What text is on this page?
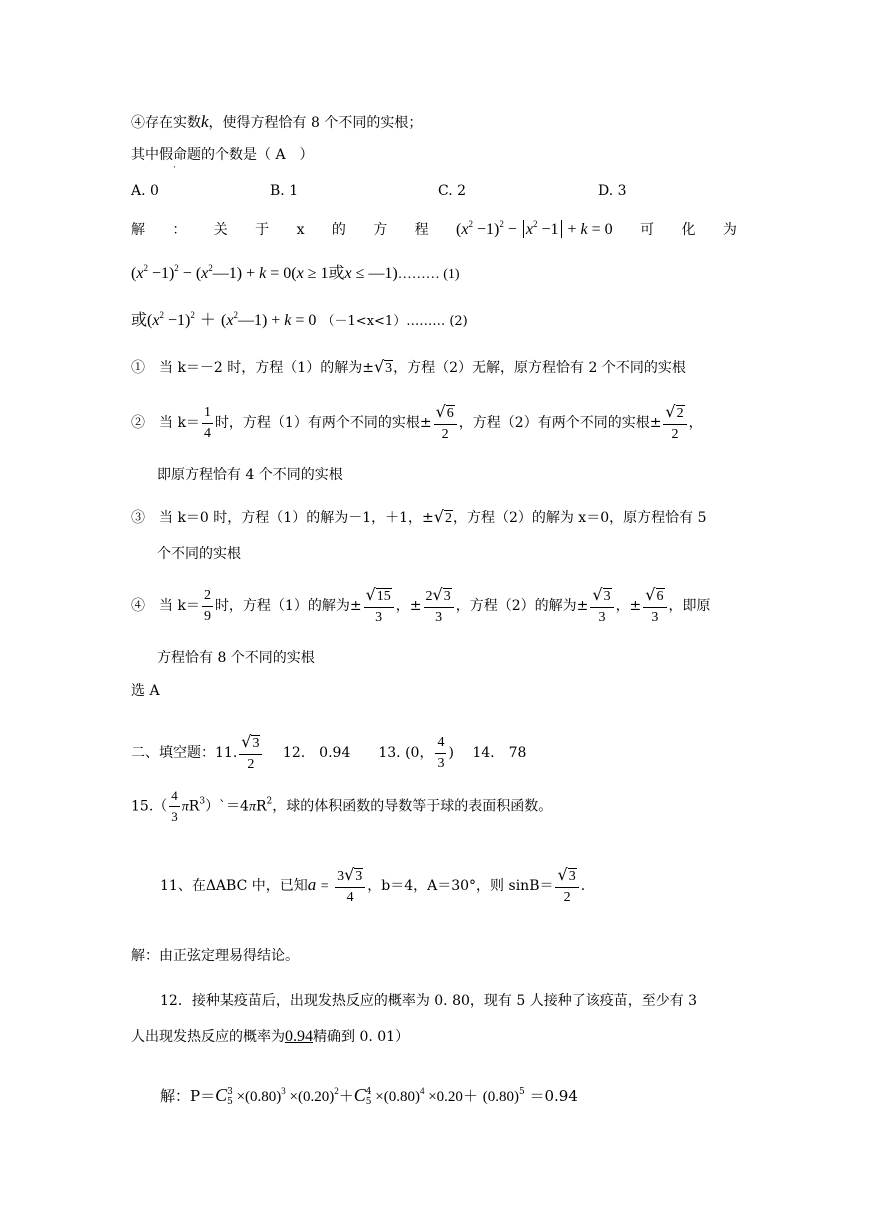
④存在实数k，使得方程恰有 8 个不同的实根；
其中假命
·
题的个数是（ A　）
A. 0	B. 1	C. 2	D. 3
解 ： 关 于 x 的 方 程 $(x^2 -1)^2 - x^2 -1 + k = 0$ 可 化 为
$(x^2 -1)^2$ − $(x^2—1) + k = 0(x \ge 1$或x ≤ —1)……… (1)
或$(x^2 -1)^2$ ＋ $(x^2—1) + k = 0$ （－1<x<1）……… (2)
①　当 k＝－2 时，方程（1）的解为±√3，方程（2）无解，原方程恰有 2 个不同的实根
②　当 $k= \frac{1}{4}$ 时，方程（1）有两个不同的实根± $\frac{√6}{2}$ ，方程（2）有两个不同的实根± $\frac{√2}{2}$ ，
即原方程恰有 4 个不同的实根
③　当 k＝0 时，方程（1）的解为－1，＋1，±√2，方程（2）的解为 x＝0，原方程恰有 5
个不同的实根
④　当 $k= \frac{2}{9}$ 时，方程（1）的解为± $\frac{√15}{3}$ ，± $\frac{2√3}{3}$ ，方程（2）的解为± $\frac{√3}{3}$ ，± $\frac{√6}{3}$ ，即原
方程恰有 8 个不同的实根
选 A
二、填空题：11. $\frac{√3}{2}$ 　 12.　0.94　　13. (0， $\frac{4}{3}$ )　 14.　78
$15.( \frac{4}{3}$ $\pi R^3)`=4\pi R^2$，球的体积函数的导数等于球的表面积函数。
11、在ΔABC 中，已知$a = \frac{3√3}{4}$ ，b＝4，A＝30°，则 $\sin B= \frac{√3}{2}$ .
解：由正弦定理易得结论。
12．接种某疫苗后，出现发热反应的概率为 0. 80，现有 5 人接种了该疫苗，至少有 3
人出现发热反应的概率为0.94精确到 0. 01）
解：P＝C 3
$5 \times(0.80)^3 \times(0.20)^2+C$ 4
$5 \times(0.80)^4 \times 0.20+ (0.80)^5 =0.94$
